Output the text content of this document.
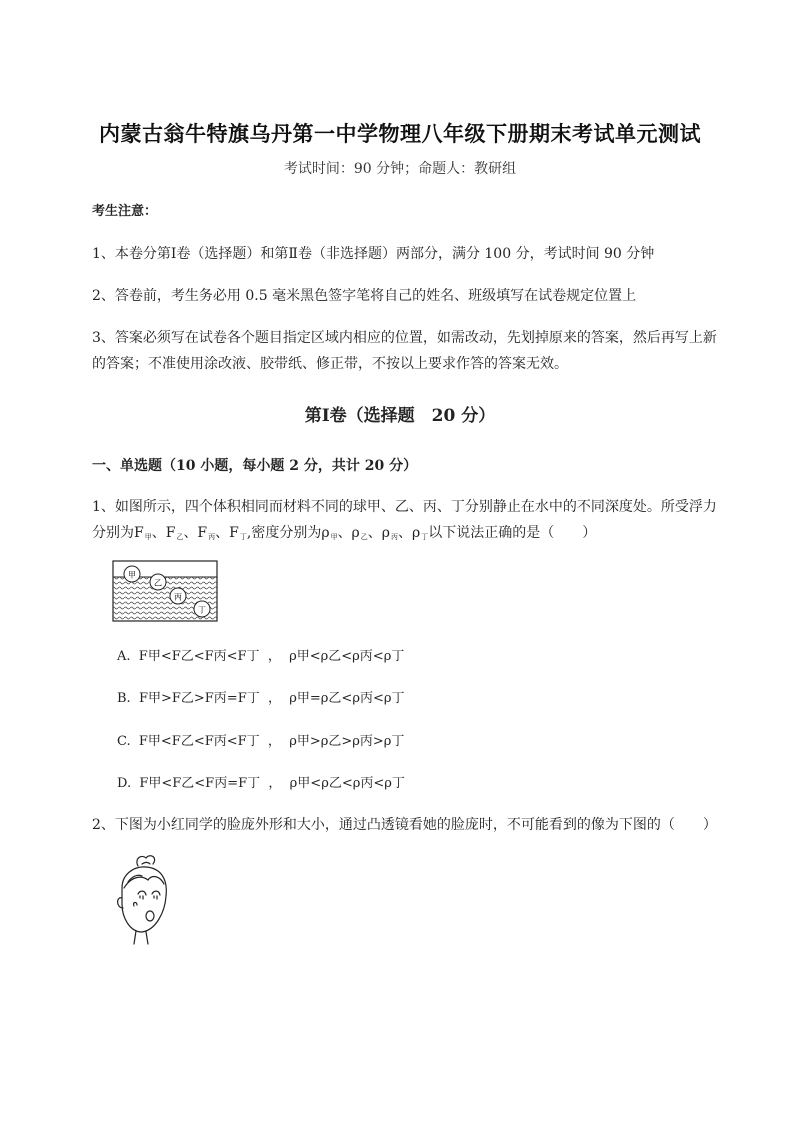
内蒙古翁牛特旗乌丹第一中学物理八年级下册期末考试单元测试
考试时间：90 分钟；命题人：教研组
考生注意：
1、本卷分第Ⅰ卷（选择题）和第Ⅱ卷（非选择题）两部分，满分 100 分，考试时间 90 分钟
2、答卷前，考生务必用 0.5 毫米黑色签字笔将自己的姓名、班级填写在试卷规定位置上
3、答案必须写在试卷各个题目指定区域内相应的位置，如需改动，先划掉原来的答案，然后再写上新
的答案；不准使用涂改液、胶带纸、修正带，不按以上要求作答的答案无效。
第Ⅰ卷（选择题　20 分）
一、单选题（10 小题，每小题 2 分，共计 20 分）
1、如图所示，四个体积相同而材料不同的球甲、乙、丙、丁分别静止在水中的不同深度处。所受浮力
分别为$F_甲$、$F_乙$、$F_丙$、$F_丁$,密度分别为$\rho_甲$、$\rho_乙$、$\rho_丙$、$\rho_丁$以下说法正确的是（　　）
甲
乙
丙
丁
A. F甲<F乙<F丙<F丁  ，  ρ甲<ρ乙<ρ丙<ρ丁
B. F甲>F乙>F丙=F丁  ，  ρ甲=ρ乙<ρ丙<ρ丁
C. F甲<F乙<F丙<F丁  ，  ρ甲>ρ乙>ρ丙>ρ丁
D. F甲<F乙<F丙=F丁  ，  ρ甲<ρ乙<ρ丙<ρ丁
2、下图为小红同学的脸庞外形和大小，通过凸透镜看她的脸庞时，不可能看到的像为下图的（　　）
